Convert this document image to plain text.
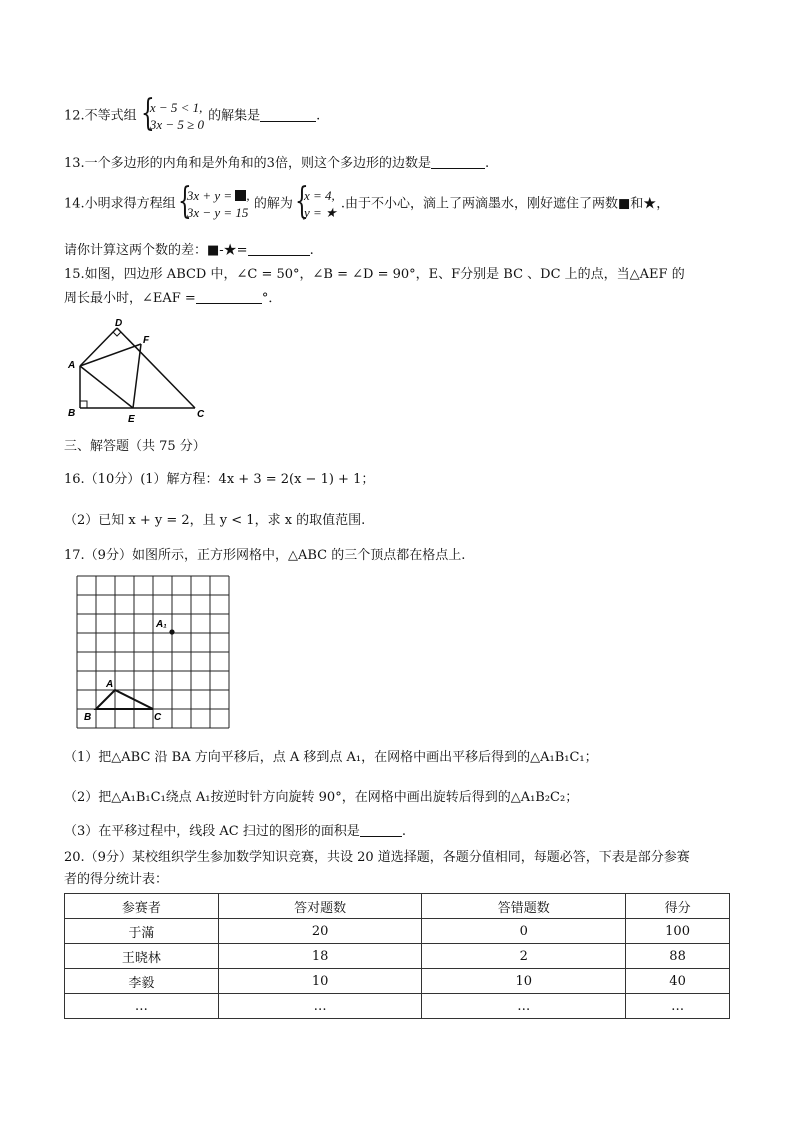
12.不等式组 {
x − 5 < 1,
3x − 5 ≥ 0
的解集是	.
13.一个多边形的内角和是外角和的3倍，则这个多边形的边数是	.
14.小明求得方程组 {
3x + y = ,
3x − y = 15
的解为 {
x = 4,
y = ★
.由于不小心，滴上了两滴墨水，刚好遮住了两数■和★，
请你计算这两个数的差：■-★=	.
15.如图，四边形 ABCD 中，∠C = 50°，∠B = ∠D = 90°，E、F分别是 BC 、DC 上的点，当△AEF 的
周长最小时，∠EAF =	°．
D
F
A
B
E	C
三、解答题（共 75 分）
16.（10分）(1）解方程：4x + 3 = 2(x − 1) + 1；
（2）已知 x + y = 2，且 y < 1，求 x 的取值范围.
17.（9分）如图所示，正方形网格中，△ABC 的三个顶点都在格点上.
A₁
A
B	C
（1）把△ABC 沿 BA 方向平移后，点 A 移到点 A₁，在网格中画出平移后得到的△A₁B₁C₁；
（2）把△A₁B₁C₁绕点 A₁按逆时针方向旋转 90°，在网格中画出旋转后得到的△A₁B₂C₂；
（3）在平移过程中，线段 AC 扫过的图形的面积是	.
20.（9分）某校组织学生参加数学知识竞赛，共设 20 道选择题，各题分值相同，每题必答，下表是部分参赛
者的得分统计表：
参赛者	答对题数	答错题数	得分
于滿	20	0	100
王晓林	18	2	88
李毅	10	10	40
…	…	…	…
